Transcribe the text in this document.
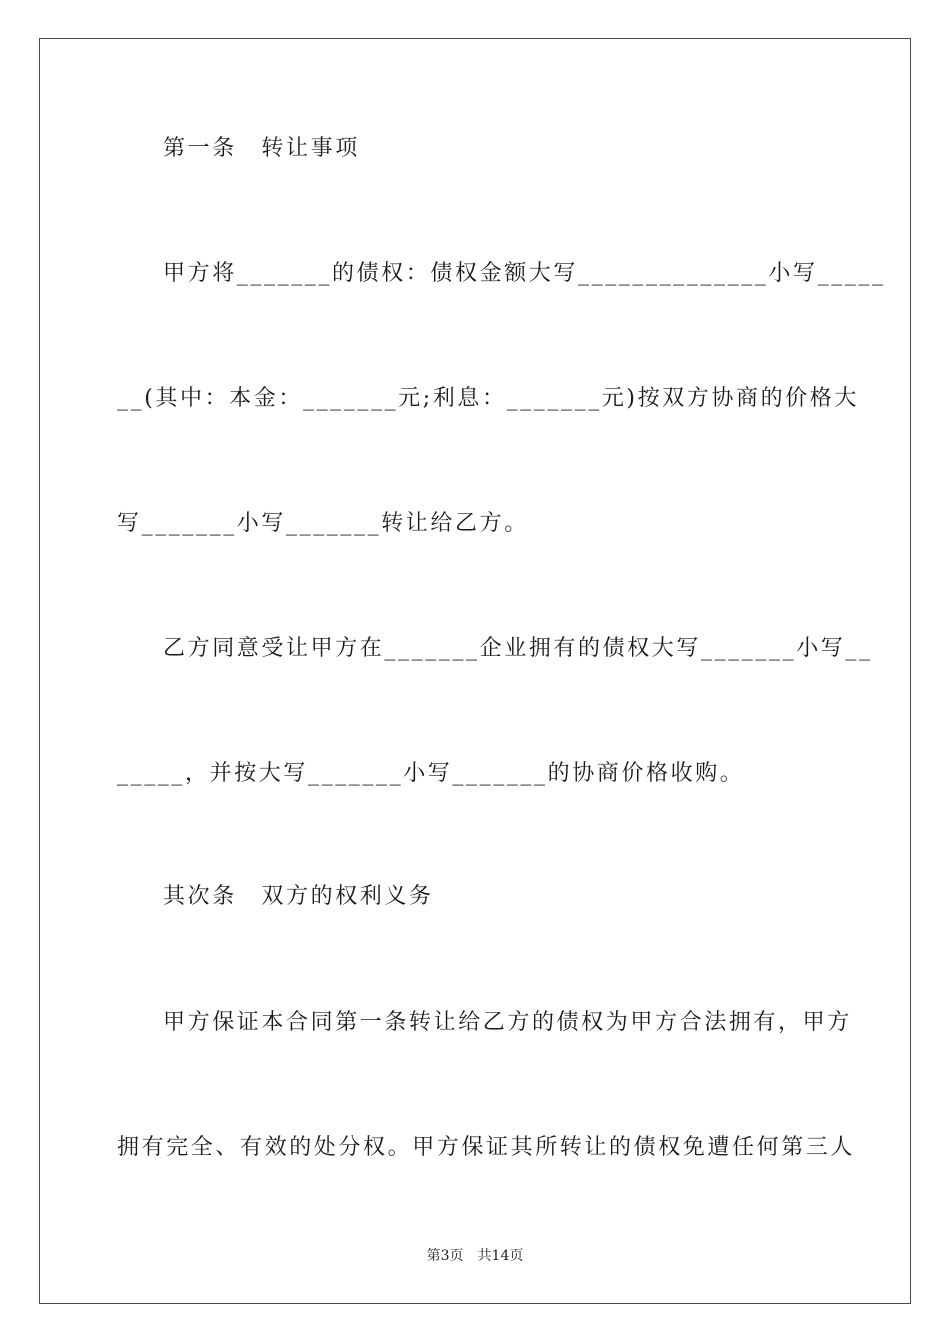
第一条　转让事项
甲方将_______的债权：债权金额大写______________小写_____
__(其中：本金：_______元;利息：_______元)按双方协商的价格大
写_______小写_______转让给乙方。
乙方同意受让甲方在_______企业拥有的债权大写_______小写__
_____，并按大写_______小写_______的协商价格收购。
其次条　双方的权利义务
甲方保证本合同第一条转让给乙方的债权为甲方合法拥有，甲方
拥有完全、有效的处分权。甲方保证其所转让的债权免遭任何第三人
第3页　共14页
